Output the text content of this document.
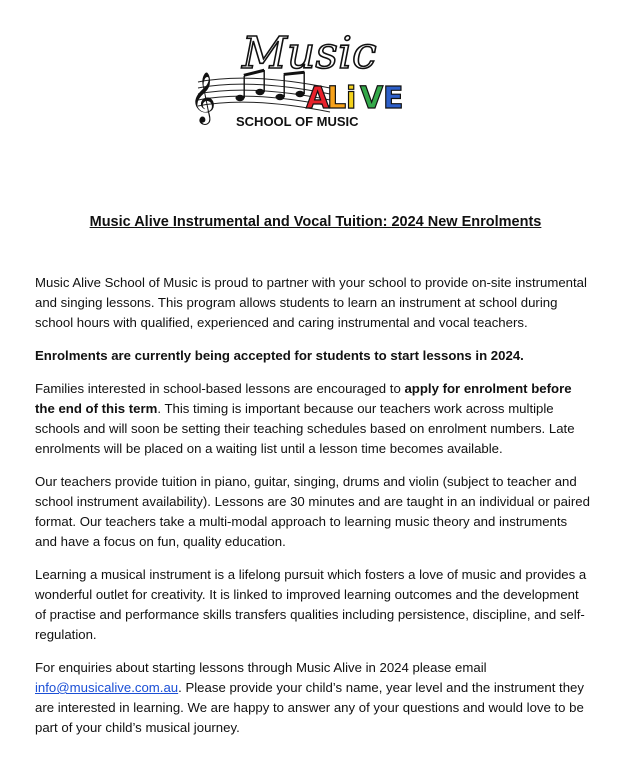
𝄞
Music
A
L i V E
SCHOOL OF MUSIC
Music Alive Instrumental and Vocal Tuition: 2024 New Enrolments

Music Alive School of Music is proud to partner with your school to provide on-site instrumental and singing lessons. This program allows students to learn an instrument at school during school hours with qualified, experienced and caring instrumental and vocal teachers.

Enrolments are currently being accepted for students to start lessons in 2024.

Families interested in school-based lessons are encouraged to apply for enrolment before the end of this term. This timing is important because our teachers work across multiple schools and will soon be setting their teaching schedules based on enrolment numbers. Late enrolments will be placed on a waiting list until a lesson time becomes available.

Our teachers provide tuition in piano, guitar, singing, drums and violin (subject to teacher and school instrument availability). Lessons are 30 minutes and are taught in an individual or paired format. Our teachers take a multi-modal approach to learning music theory and instruments and have a focus on fun, quality education.

Learning a musical instrument is a lifelong pursuit which fosters a love of music and provides a wonderful outlet for creativity. It is linked to improved learning outcomes and the development of practise and performance skills transfers qualities including persistence, discipline, and self-regulation.

For enquiries about starting lessons through Music Alive in 2024 please email info@musicalive.com.au. Please provide your child’s name, year level and the instrument they are interested in learning. We are happy to answer any of your questions and would love to be part of your child’s musical journey.
